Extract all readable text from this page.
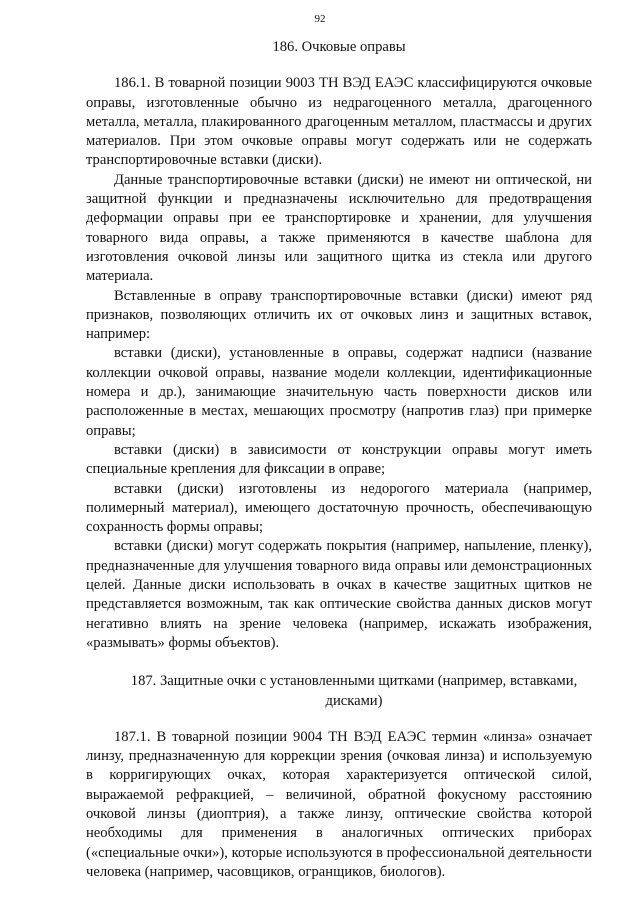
92
186. Очковые оправы

186.1. В товарной позиции 9003 ТН ВЭД ЕАЭС классифицируются очковые оправы, изготовленные обычно из недрагоценного металла, драгоценного металла, металла, плакированного драгоценным металлом, пластмассы и других материалов. При этом очковые оправы могут содержать или не содержать транспортировочные вставки (диски).

Данные транспортировочные вставки (диски) не имеют ни оптической, ни защитной функции и предназначены исключительно для предотвращения деформации оправы при ее транспортировке и хранении, для улучшения товарного вида оправы, а также применяются в качестве шаблона для изготовления очковой линзы или защитного щитка из стекла или другого материала.

Вставленные в оправу транспортировочные вставки (диски) имеют ряд признаков, позволяющих отличить их от очковых линз и защитных вставок, например:

вставки (диски), установленные в оправы, содержат надписи (название коллекции очковой оправы, название модели коллекции, идентификационные номера и др.), занимающие значительную часть поверхности дисков или расположенные в местах, мешающих просмотру (напротив глаз) при примерке оправы;

вставки (диски) в зависимости от конструкции оправы могут иметь специальные крепления для фиксации в оправе;

вставки (диски) изготовлены из недорогого материала (например, полимерный материал), имеющего достаточную прочность, обеспечивающую сохранность формы оправы;

вставки (диски) могут содержать покрытия (например, напыление, пленку), предназначенные для улучшения товарного вида оправы или демонстрационных целей. Данные диски использовать в очках в качестве защитных щитков не представляется возможным, так как оптические свойства данных дисков могут негативно влиять на зрение человека (например, искажать изображения, «размывать» формы объектов).

187. Защитные очки с установленными щитками (например, вставками, дисками)

187.1. В товарной позиции 9004 ТН ВЭД ЕАЭС термин «линза» означает линзу, предназначенную для коррекции зрения (очковая линза) и используемую в корригирующих очках, которая характеризуется оптической силой, выражаемой рефракцией, – величиной, обратной фокусному расстоянию очковой линзы (диоптрия), а также линзу, оптические свойства которой необходимы для применения в аналогичных оптических приборах («специальные очки»), которые используются в профессиональной деятельности человека (например, часовщиков, огранщиков, биологов).
